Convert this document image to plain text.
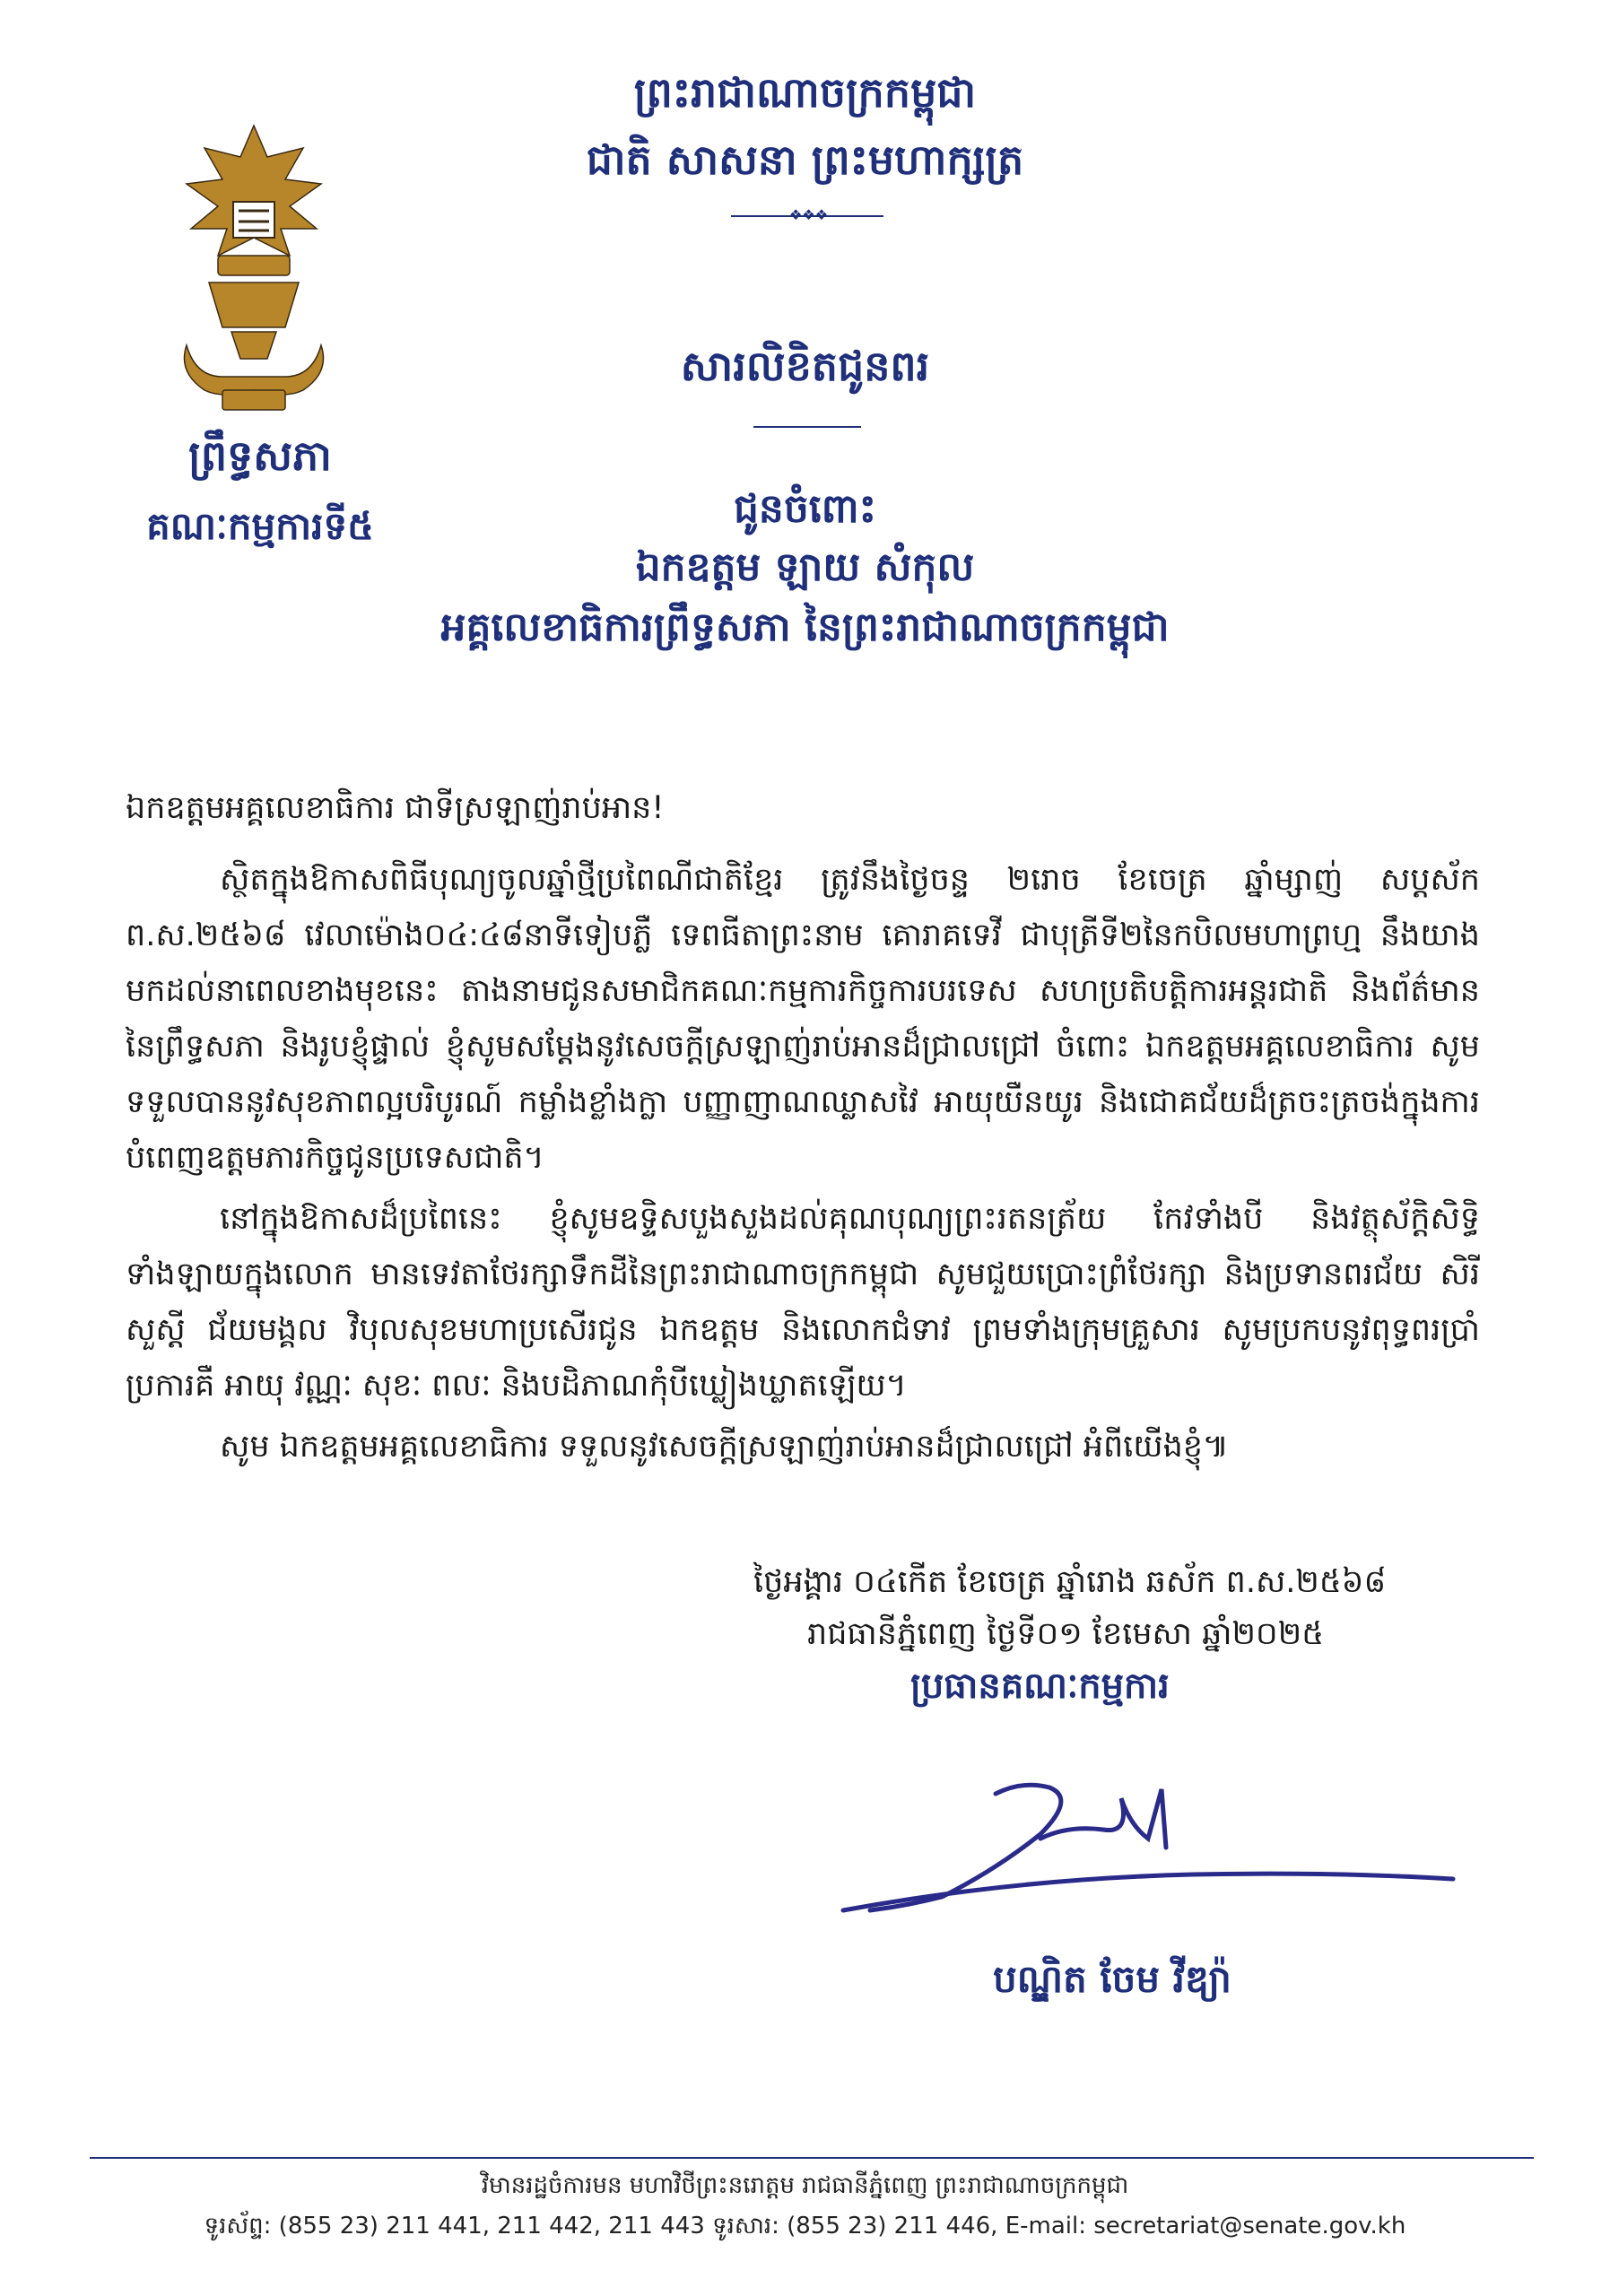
ព្រះរាជាណាចក្រកម្ពុជា
ជាតិ សាសនា ព្រះមហាក្សត្រ
❖❖❖
ព្រឹទ្ធសភា
គណៈកម្មការទី៥
សារលិខិតជូនពរ
ជូនចំពោះ
ឯកឧត្តម ឡាយ សំកុល
អគ្គលេខាធិការព្រឹទ្ធសភា នៃព្រះរាជាណាចក្រកម្ពុជា

ឯកឧត្តមអគ្គលេខាធិការ ជាទីស្រឡាញ់រាប់អាន!

ស្ថិតក្នុងឱកាសពិធីបុណ្យចូលឆ្នាំថ្មីប្រពៃណីជាតិខ្មែរ ត្រូវនឹងថ្ងៃចន្ទ ២រោច ខែចេត្រ ឆ្នាំម្សាញ់ សប្តស័ក ព.ស.២៥៦៨ វេលាម៉ោង០៤:៤៨នាទីទៀបភ្លឺ ទេពធីតាព្រះនាម គោរាគទេវី ជាបុត្រីទី២នៃកបិលមហាព្រហ្ម នឹងយាងមកដល់នាពេលខាងមុខនេះ តាងនាមជូនសមាជិកគណៈកម្មការកិច្ចការបរទេស សហប្រតិបត្តិការអន្តរជាតិ និងព័ត៌មាន នៃព្រឹទ្ធសភា និងរូបខ្ញុំផ្ទាល់ ខ្ញុំសូមសម្តែងនូវសេចក្តីស្រឡាញ់រាប់អានដ៏ជ្រាលជ្រៅ ចំពោះ ឯកឧត្តមអគ្គលេខាធិការ សូមទទួលបាននូវសុខភាពល្អបរិបូរណ៍ កម្លាំងខ្លាំងក្លា បញ្ញាញាណឈ្លាសវៃ អាយុយឺនយូរ និងជោគជ័យដ៏ត្រចះត្រចង់ក្នុងការបំពេញឧត្តមភារកិច្ចជូនប្រទេសជាតិ។

នៅក្នុងឱកាសដ៏ប្រពៃនេះ ខ្ញុំសូមឧទ្ទិសបួងសួងដល់គុណបុណ្យព្រះរតនត្រ័យ កែវទាំងបី និងវត្ថុស័ក្តិសិទ្ធិទាំងឡាយក្នុងលោក មានទេវតាថែរក្សាទឹកដីនៃព្រះរាជាណាចក្រកម្ពុជា សូមជួយប្រោះព្រំថែរក្សា និងប្រទានពរជ័យ សិរីសួស្តី ជ័យមង្គល វិបុលសុខមហាប្រសើរជូន ឯកឧត្តម និងលោកជំទាវ ព្រមទាំងក្រុមគ្រួសារ សូមប្រកបនូវពុទ្ធពរប្រាំប្រការគឺ អាយុ វណ្ណៈ សុខៈ ពលៈ និងបដិភាណកុំបីឃ្លៀងឃ្លាតឡើយ។

សូម ឯកឧត្តមអគ្គលេខាធិការ ទទួលនូវសេចក្តីស្រឡាញ់រាប់អានដ៏ជ្រាលជ្រៅ អំពីយើងខ្ញុំ៕

ថ្ងៃអង្គារ ០៤កើត ខែចេត្រ ឆ្នាំរោង ឆស័ក ព.ស.២៥៦៨
រាជធានីភ្នំពេញ ថ្ងៃទី០១ ខែមេសា ឆ្នាំ២០២៥
ប្រធានគណៈកម្មការ
បណ្ឌិត ចែម វីឌ្យ៉ា
វិមានរដ្ឋចំការមន មហាវិថីព្រះនរោត្តម រាជធានីភ្នំពេញ ព្រះរាជាណាចក្រកម្ពុជា
ទូរស័ព្ទ: (855 23) 211 441, 211 442, 211 443 ទូរសារ: (855 23) 211 446, E-mail: secretariat@senate.gov.kh
